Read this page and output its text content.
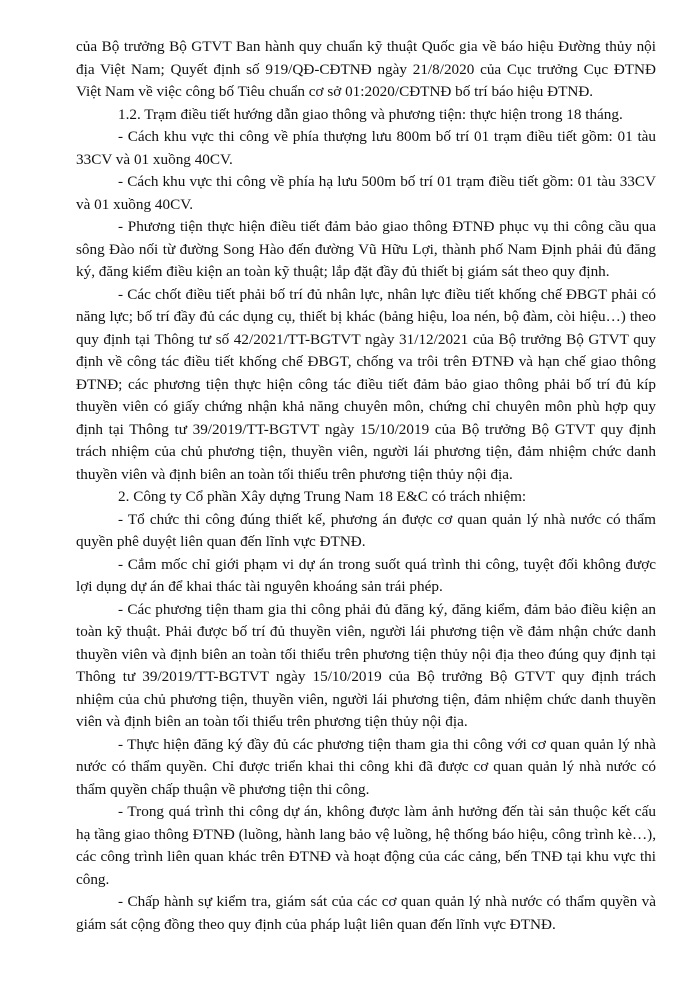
của Bộ trưởng Bộ GTVT Ban hành quy chuẩn kỹ thuật Quốc gia về báo hiệu Đường thủy nội địa Việt Nam; Quyết định số 919/QĐ-CĐTNĐ ngày 21/8/2020 của Cục trưởng Cục ĐTNĐ Việt Nam về việc công bố Tiêu chuẩn cơ sở 01:2020/CĐTNĐ bố trí báo hiệu ĐTNĐ.

1.2. Trạm điều tiết hướng dẫn giao thông và phương tiện: thực hiện trong 18 tháng.

- Cách khu vực thi công về phía thượng lưu 800m bố trí 01 trạm điều tiết gồm: 01 tàu 33CV và 01 xuồng 40CV.

- Cách khu vực thi công về phía hạ lưu 500m bố trí 01 trạm điều tiết gồm: 01 tàu 33CV và 01 xuồng 40CV.

- Phương tiện thực hiện điều tiết đảm bảo giao thông ĐTNĐ phục vụ thi công cầu qua sông Đào nối từ đường Song Hào đến đường Vũ Hữu Lợi, thành phố Nam Định phải đủ đăng ký, đăng kiểm điều kiện an toàn kỹ thuật; lắp đặt đầy đủ thiết bị giám sát theo quy định.

- Các chốt điều tiết phải bố trí đủ nhân lực, nhân lực điều tiết khống chế ĐBGT phải có năng lực; bố trí đầy đủ các dụng cụ, thiết bị khác (bảng hiệu, loa nén, bộ đàm, còi hiệu…) theo quy định tại Thông tư số 42/2021/TT-BGTVT ngày 31/12/2021 của Bộ trưởng Bộ GTVT quy định về công tác điều tiết khống chế ĐBGT, chống va trôi trên ĐTNĐ và hạn chế giao thông ĐTNĐ; các phương tiện thực hiện công tác điều tiết đảm bảo giao thông phải bố trí đủ kíp thuyền viên có giấy chứng nhận khả năng chuyên môn, chứng chỉ chuyên môn phù hợp quy định tại Thông tư 39/2019/TT-BGTVT ngày 15/10/2019 của Bộ trưởng Bộ GTVT quy định trách nhiệm của chủ phương tiện, thuyền viên, người lái phương tiện, đảm nhiệm chức danh thuyền viên và định biên an toàn tối thiểu trên phương tiện thủy nội địa.

2. Công ty Cổ phần Xây dựng Trung Nam 18 E&C có trách nhiệm:

- Tổ chức thi công đúng thiết kế, phương án được cơ quan quản lý nhà nước có thẩm quyền phê duyệt liên quan đến lĩnh vực ĐTNĐ.

- Cắm mốc chỉ giới phạm vi dự án trong suốt quá trình thi công, tuyệt đối không được lợi dụng dự án để khai thác tài nguyên khoáng sản trái phép.

- Các phương tiện tham gia thi công phải đủ đăng ký, đăng kiểm, đảm bảo điều kiện an toàn kỹ thuật. Phải được bố trí đủ thuyền viên, người lái phương tiện về đảm nhận chức danh thuyền viên và định biên an toàn tối thiểu trên phương tiện thủy nội địa theo đúng quy định tại Thông tư 39/2019/TT-BGTVT ngày 15/10/2019 của Bộ trưởng Bộ GTVT quy định trách nhiệm của chủ phương tiện, thuyền viên, người lái phương tiện, đảm nhiệm chức danh thuyền viên và định biên an toàn tối thiểu trên phương tiện thủy nội địa.

- Thực hiện đăng ký đầy đủ các phương tiện tham gia thi công với cơ quan quản lý nhà nước có thẩm quyền. Chỉ được triển khai thi công khi đã được cơ quan quản lý nhà nước có thẩm quyền chấp thuận về phương tiện thi công.

- Trong quá trình thi công dự án, không được làm ảnh hưởng đến tài sản thuộc kết cấu hạ tầng giao thông ĐTNĐ (luồng, hành lang bảo vệ luồng, hệ thống báo hiệu, công trình kè…), các công trình liên quan khác trên ĐTNĐ và hoạt động của các cảng, bến TNĐ tại khu vực thi công.

- Chấp hành sự kiểm tra, giám sát của các cơ quan quản lý nhà nước có thẩm quyền và giám sát cộng đồng theo quy định của pháp luật liên quan đến lĩnh vực ĐTNĐ.
